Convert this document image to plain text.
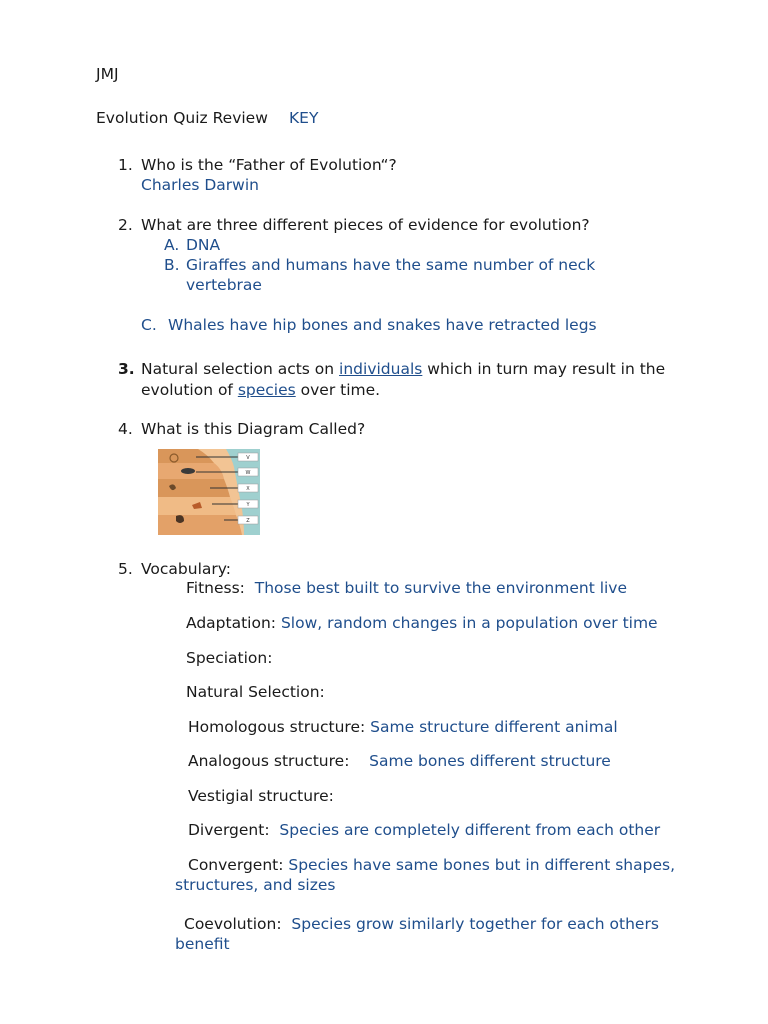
JMJ
Evolution Quiz Review KEY
1. Who is the “Father of Evolution“?
Charles Darwin
2. What are three different pieces of evidence for evolution?
A. DNA
B. Giraffes and humans have the same number of neck
vertebrae
C. Whales have hip bones and snakes have retracted legs
3. Natural selection acts on individuals which in turn may result in the
evolution of species over time.
4. What is this Diagram Called?
V
W
X
Y
Z
5. Vocabulary:
Fitness: Those best built to survive the environment live
Adaptation: Slow, random changes in a population over time
Speciation:
Natural Selection:
Homologous structure: Same structure different animal
Analogous structure: Same bones different structure
Vestigial structure:
Divergent: Species are completely different from each other
Convergent: Species have same bones but in different shapes,
structures, and sizes
Coevolution: Species grow similarly together for each others
benefit
